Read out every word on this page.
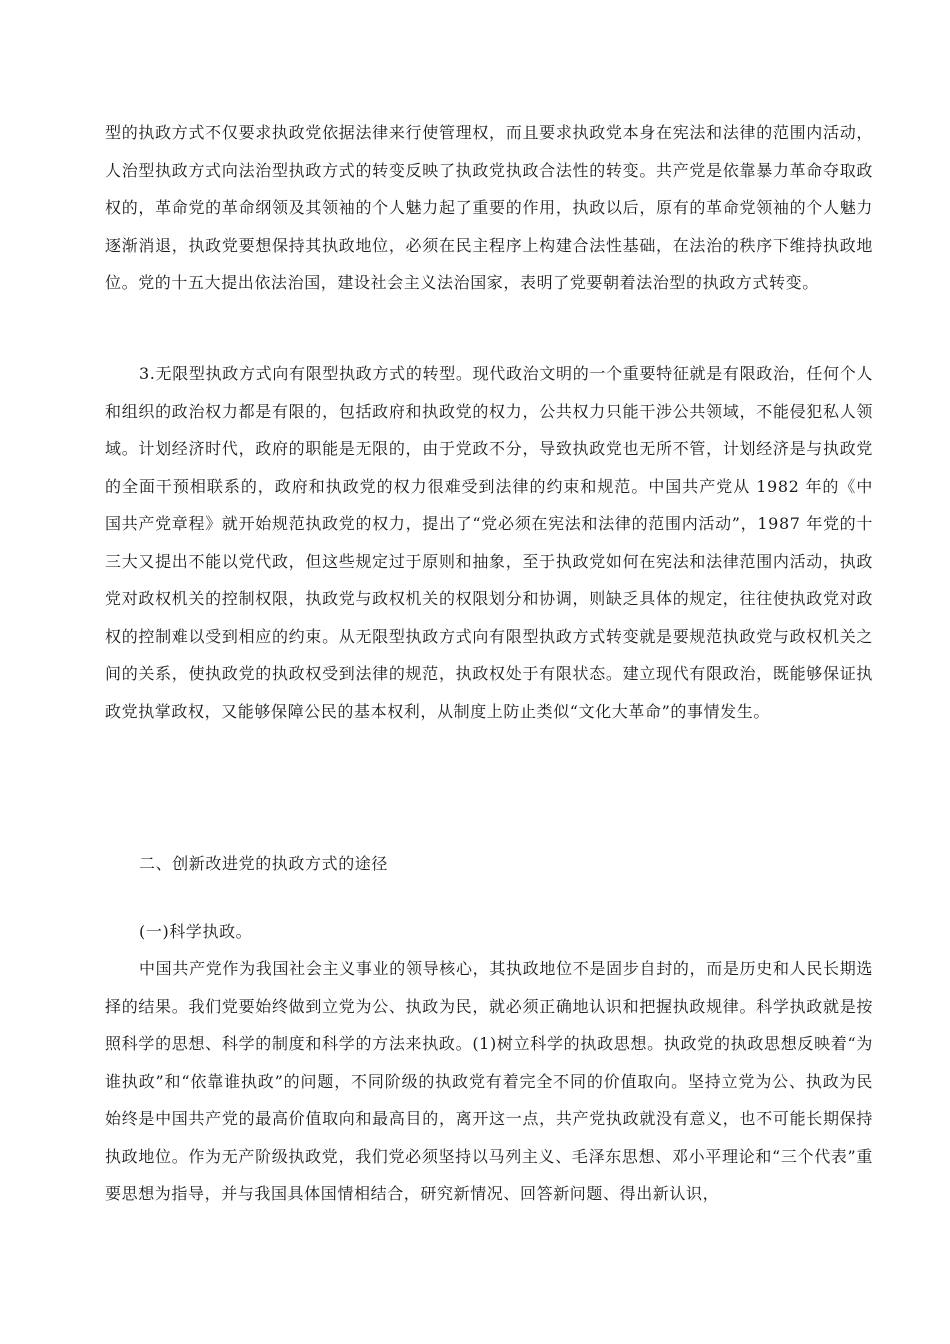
型的执政方式不仅要求执政党依据法律来行使管理权，而且要求执政党本身在宪法和法律的范围内活动，人治型执政方式向法治型执政方式的转变反映了执政党执政合法性的转变。共产党是依靠暴力革命夺取政权的，革命党的革命纲领及其领袖的个人魅力起了重要的作用，执政以后，原有的革命党领袖的个人魅力逐渐消退，执政党要想保持其执政地位，必须在民主程序上构建合法性基础，在法治的秩序下维持执政地位。党的十五大提出依法治国，建设社会主义法治国家，表明了党要朝着法治型的执政方式转变。

3.无限型执政方式向有限型执政方式的转型。现代政治文明的一个重要特征就是有限政治，任何个人和组织的政治权力都是有限的，包括政府和执政党的权力，公共权力只能干涉公共领域，不能侵犯私人领域。计划经济时代，政府的职能是无限的，由于党政不分，导致执政党也无所不管，计划经济是与执政党的全面干预相联系的，政府和执政党的权力很难受到法律的约束和规范。中国共产党从 1982 年的《中国共产党章程》就开始规范执政党的权力，提出了“党必须在宪法和法律的范围内活动”，1987 年党的十三大又提出不能以党代政，但这些规定过于原则和抽象，至于执政党如何在宪法和法律范围内活动，执政党对政权机关的控制权限，执政党与政权机关的权限划分和协调，则缺乏具体的规定，往往使执政党对政权的控制难以受到相应的约束。从无限型执政方式向有限型执政方式转变就是要规范执政党与政权机关之间的关系，使执政党的执政权受到法律的规范，执政权处于有限状态。建立现代有限政治，既能够保证执政党执掌政权，又能够保障公民的基本权利，从制度上防止类似“文化大革命”的事情发生。

二、创新改进党的执政方式的途径

(一)科学执政。

中国共产党作为我国社会主义事业的领导核心，其执政地位不是固步自封的，而是历史和人民长期选择的结果。我们党要始终做到立党为公、执政为民，就必须正确地认识和把握执政规律。科学执政就是按照科学的思想、科学的制度和科学的方法来执政。(1)树立科学的执政思想。执政党的执政思想反映着“为谁执政”和“依靠谁执政”的问题，不同阶级的执政党有着完全不同的价值取向。坚持立党为公、执政为民始终是中国共产党的最高价值取向和最高目的，离开这一点，共产党执政就没有意义，也不可能长期保持执政地位。作为无产阶级执政党，我们党必须坚持以马列主义、毛泽东思想、邓小平理论和“三个代表”重要思想为指导，并与我国具体国情相结合，研究新情况、回答新问题、得出新认识，
